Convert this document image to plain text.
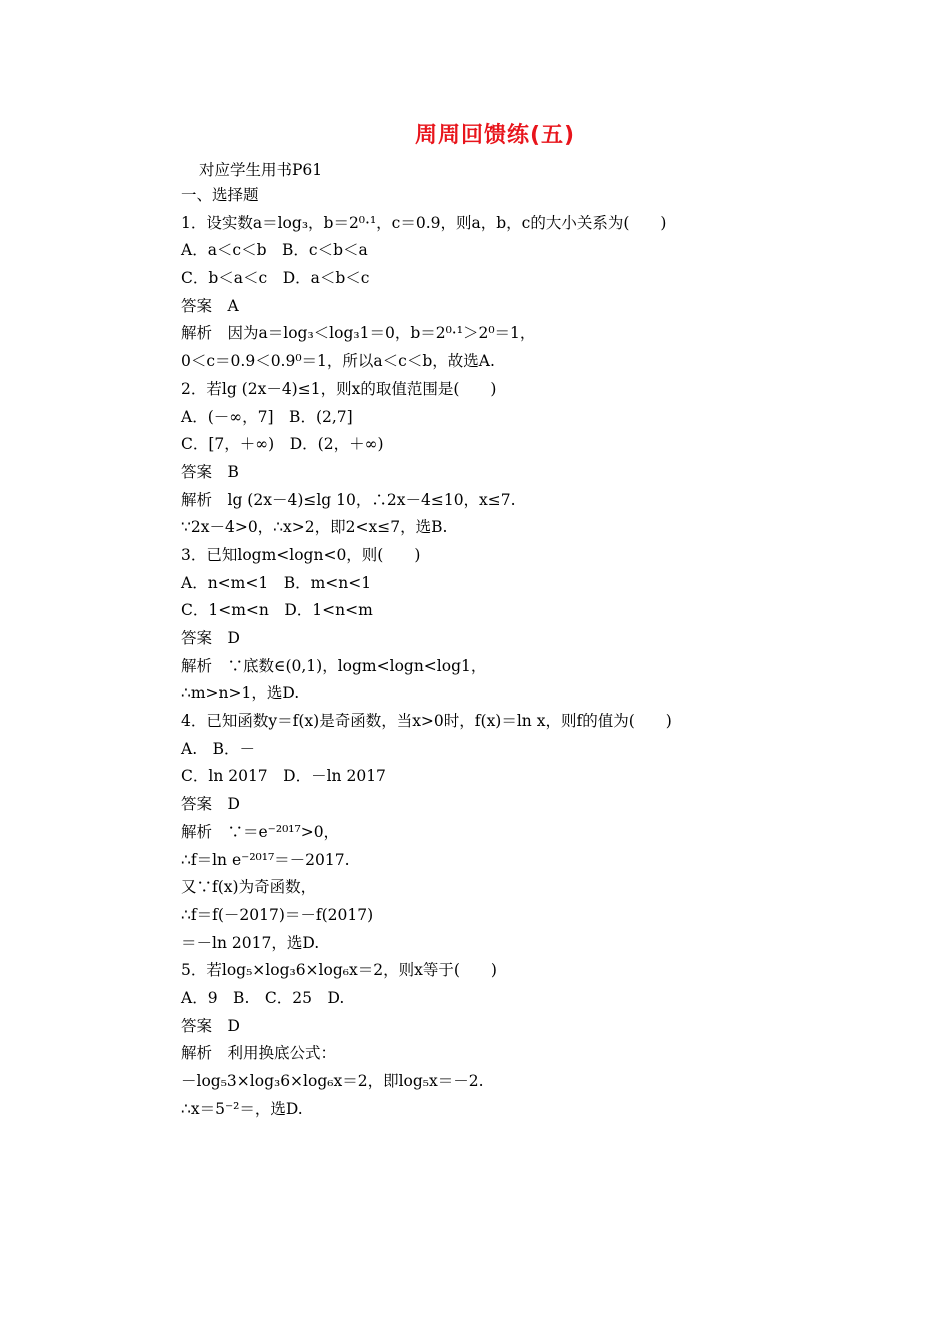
周周回馈练(五)
对应学生用书P61
一、选择题
1．设实数a＝log₃，b＝2⁰·¹，c＝0.9，则a，b，c的大小关系为(　　)
A．a＜c＜b　B．c＜b＜a
C．b＜a＜c　D．a＜b＜c
答案　A
解析　因为a＝log₃＜log₃1＝0，b＝2⁰·¹＞2⁰＝1，
0＜c＝0.9＜0.9⁰＝1，所以a＜c＜b，故选A.
2．若lg (2x－4)≤1，则x的取值范围是(　　)
A．(－∞，7]　B．(2,7]
C．[7，＋∞)　D．(2，＋∞)
答案　B
解析　lg (2x－4)≤lg 10，∴2x－4≤10，x≤7.
∵2x－4>0，∴x>2，即2<x≤7，选B.
3．已知logm<logn<0，则(　　)
A．n<m<1　B．m<n<1
C．1<m<n　D．1<n<m
答案　D
解析　∵底数∈(0,1)，logm<logn<log1，
∴m>n>1，选D.
4．已知函数y＝f(x)是奇函数，当x>0时，f(x)＝ln x，则f的值为(　　)
A.　B．－
C．ln 2017　D．－ln 2017
答案　D
解析　∵＝e⁻²⁰¹⁷>0，
∴f＝ln e⁻²⁰¹⁷＝－2017.
又∵f(x)为奇函数，
∴f＝f(－2017)＝－f(2017)
＝－ln 2017，选D.
5．若log₅×log₃6×log₆x＝2，则x等于(　　)
A．9　B.　C．25　D.
答案　D
解析　利用换底公式：
－log₅3×log₃6×log₆x＝2，即log₅x＝－2.
∴x＝5⁻²＝，选D.
